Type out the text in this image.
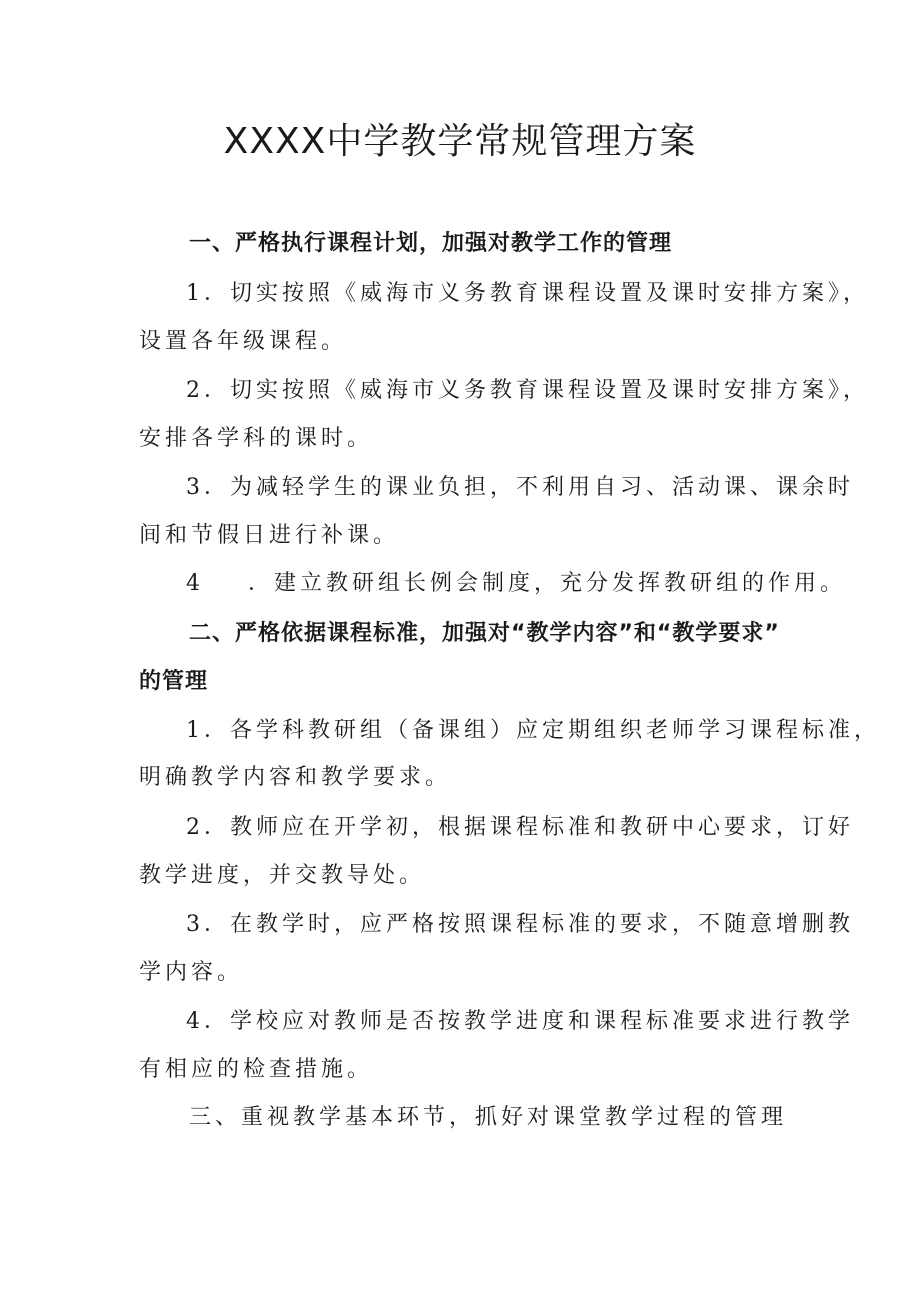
XXXX中学教学常规管理方案
一、严格执行课程计划，加强对教学工作的管理
1．切实按照《威海市义务教育课程设置及课时安排方案》，
设置各年级课程。
2．切实按照《威海市义务教育课程设置及课时安排方案》，
安排各学科的课时。
3．为减轻学生的课业负担，不利用自习、活动课、课余时
间和节假日进行补课。
4 ．建立教研组长例会制度，充分发挥教研组的作用。
二、严格依据课程标准，加强对“教学内容”和“教学要求”
的管理
1．各学科教研组（备课组）应定期组织老师学习课程标准，
明确教学内容和教学要求。
2．教师应在开学初，根据课程标准和教研中心要求，订好
教学进度，并交教导处。
3．在教学时，应严格按照课程标准的要求，不随意增删教
学内容。
4．学校应对教师是否按教学进度和课程标准要求进行教学
有相应的检查措施。
三、重视教学基本环节，抓好对课堂教学过程的管理
